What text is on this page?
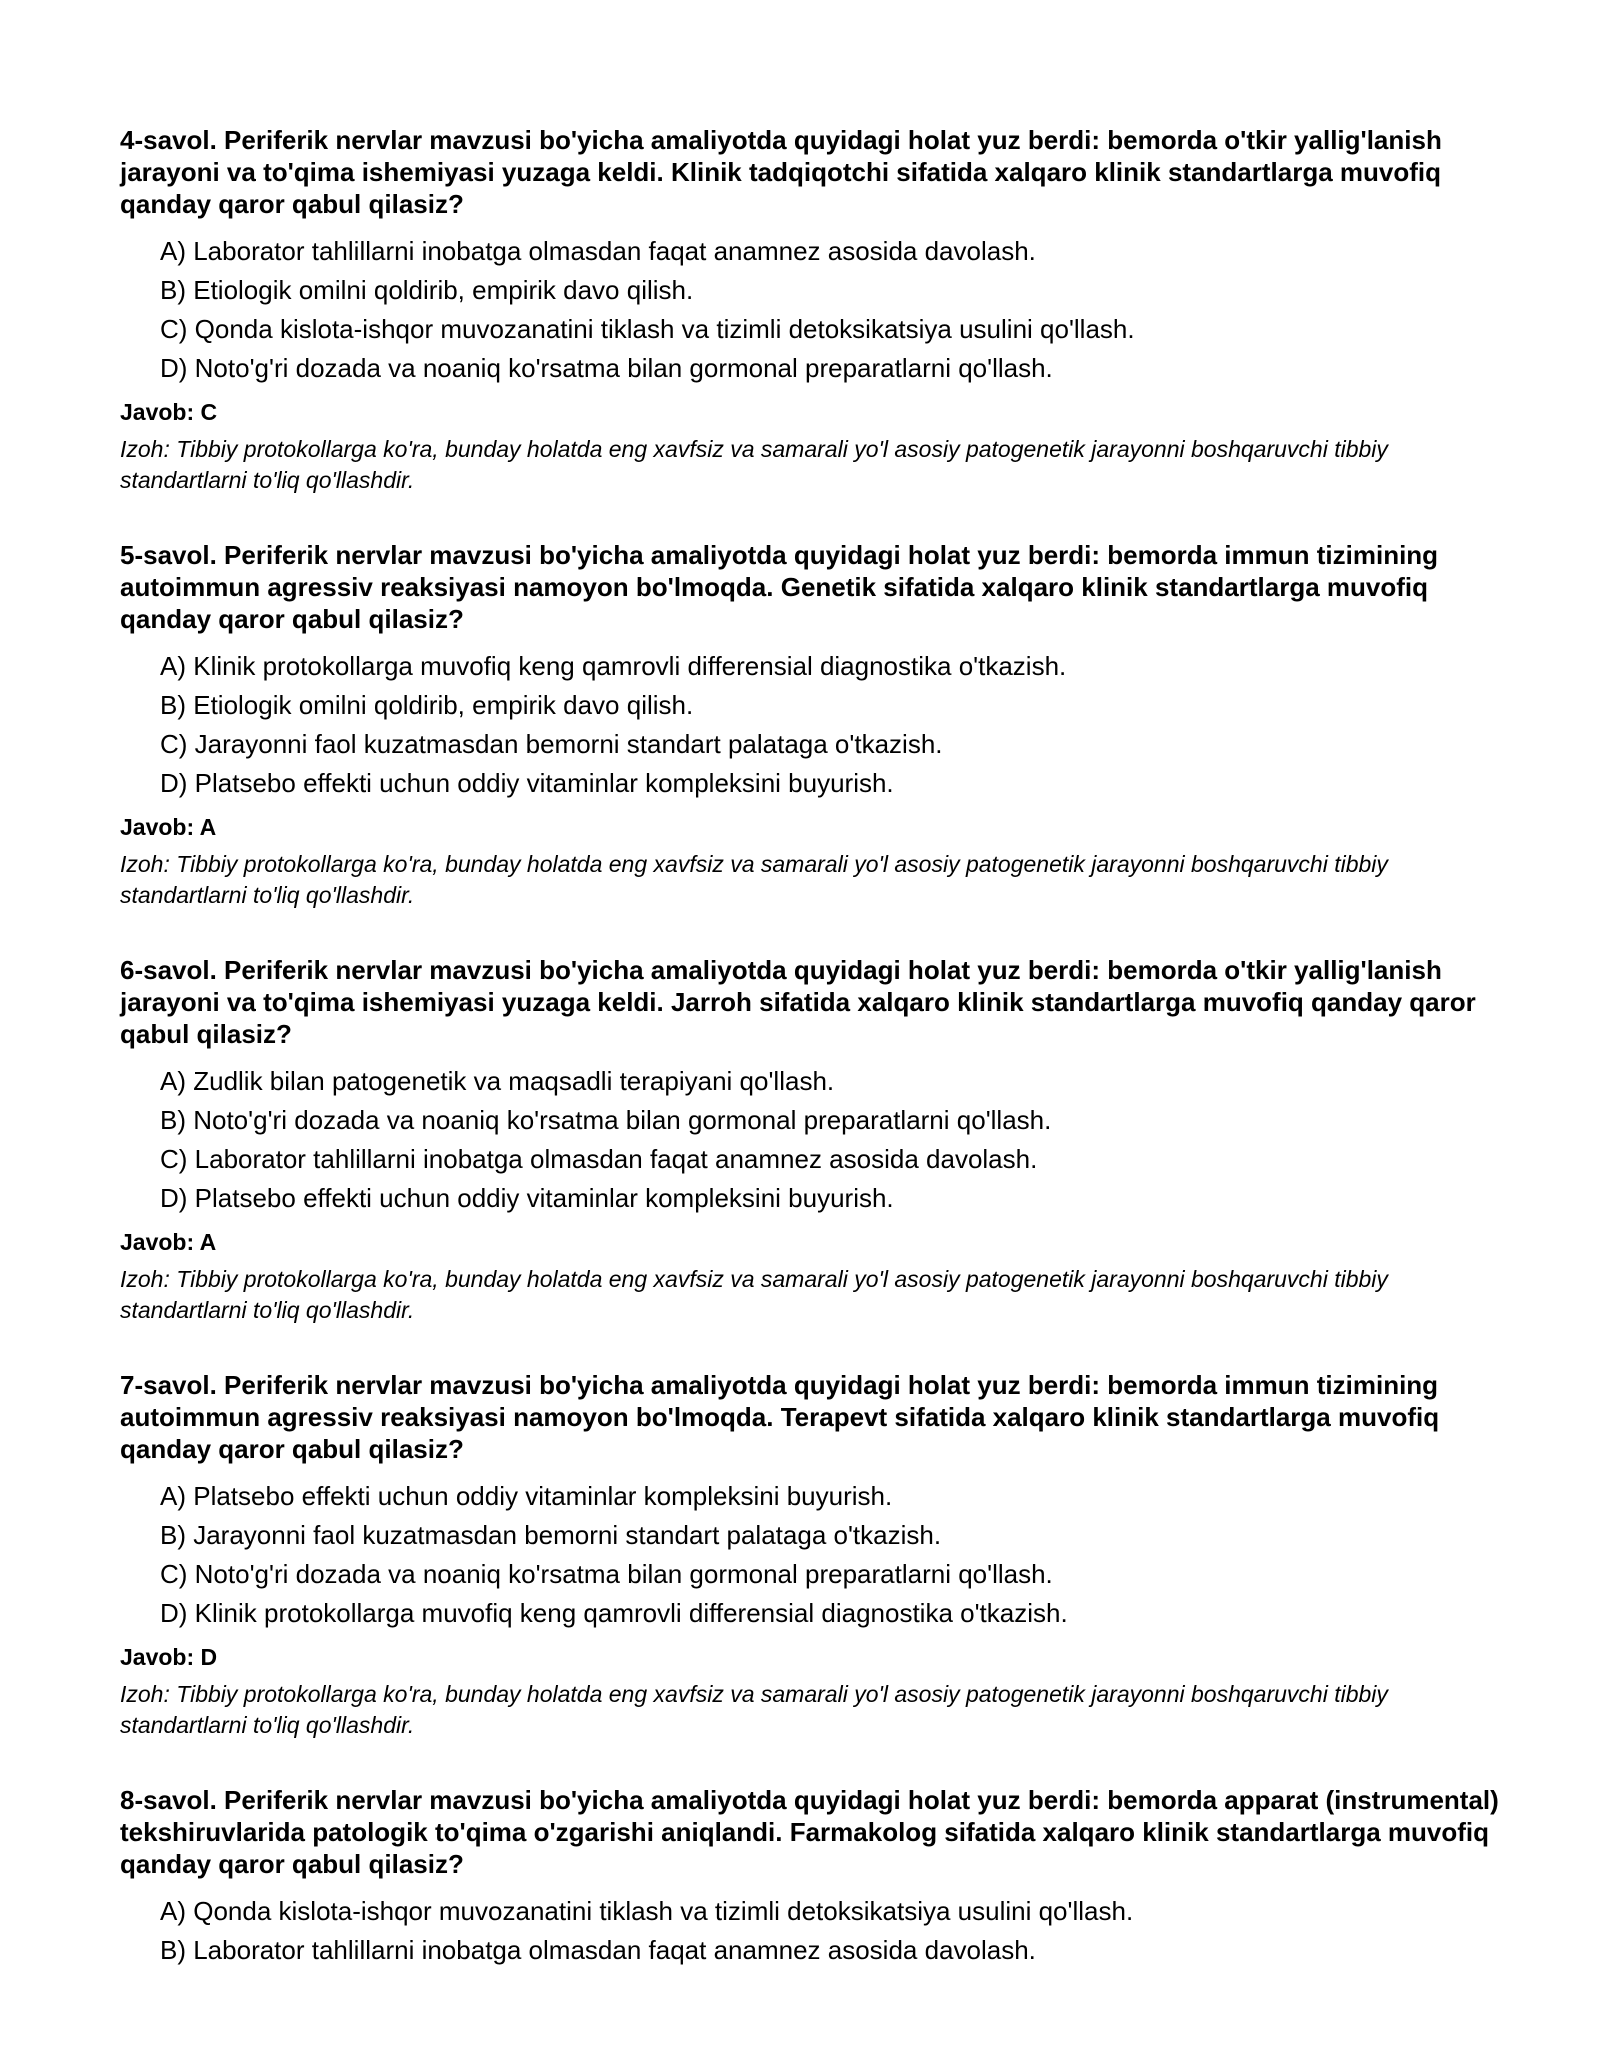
4-savol. Periferik nervlar mavzusi bo'yicha amaliyotda quyidagi holat yuz berdi: bemorda o'tkir yallig'lanish jarayoni va to'qima ishemiyasi yuzaga keldi. Klinik tadqiqotchi sifatida xalqaro klinik standartlarga muvofiq qanday qaror qabul qilasiz?

A) Laborator tahlillarni inobatga olmasdan faqat anamnez asosida davolash.
B) Etiologik omilni qoldirib, empirik davo qilish.
C) Qonda kislota-ishqor muvozanatini tiklash va tizimli detoksikatsiya usulini qo'llash.
D) Noto'g'ri dozada va noaniq ko'rsatma bilan gormonal preparatlarni qo'llash.

Javob: C

Izoh: Tibbiy protokollarga ko'ra, bunday holatda eng xavfsiz va samarali yo'l asosiy patogenetik jarayonni boshqaruvchi tibbiy standartlarni to'liq qo'llashdir.

5-savol. Periferik nervlar mavzusi bo'yicha amaliyotda quyidagi holat yuz berdi: bemorda immun tizimining autoimmun agressiv reaksiyasi namoyon bo'lmoqda. Genetik sifatida xalqaro klinik standartlarga muvofiq qanday qaror qabul qilasiz?

A) Klinik protokollarga muvofiq keng qamrovli differensial diagnostika o'tkazish.
B) Etiologik omilni qoldirib, empirik davo qilish.
C) Jarayonni faol kuzatmasdan bemorni standart palataga o'tkazish.
D) Platsebo effekti uchun oddiy vitaminlar kompleksini buyurish.

Javob: A

Izoh: Tibbiy protokollarga ko'ra, bunday holatda eng xavfsiz va samarali yo'l asosiy patogenetik jarayonni boshqaruvchi tibbiy standartlarni to'liq qo'llashdir.

6-savol. Periferik nervlar mavzusi bo'yicha amaliyotda quyidagi holat yuz berdi: bemorda o'tkir yallig'lanish jarayoni va to'qima ishemiyasi yuzaga keldi. Jarroh sifatida xalqaro klinik standartlarga muvofiq qanday qaror qabul qilasiz?

A) Zudlik bilan patogenetik va maqsadli terapiyani qo'llash.
B) Noto'g'ri dozada va noaniq ko'rsatma bilan gormonal preparatlarni qo'llash.
C) Laborator tahlillarni inobatga olmasdan faqat anamnez asosida davolash.
D) Platsebo effekti uchun oddiy vitaminlar kompleksini buyurish.

Javob: A

Izoh: Tibbiy protokollarga ko'ra, bunday holatda eng xavfsiz va samarali yo'l asosiy patogenetik jarayonni boshqaruvchi tibbiy standartlarni to'liq qo'llashdir.

7-savol. Periferik nervlar mavzusi bo'yicha amaliyotda quyidagi holat yuz berdi: bemorda immun tizimining autoimmun agressiv reaksiyasi namoyon bo'lmoqda. Terapevt sifatida xalqaro klinik standartlarga muvofiq qanday qaror qabul qilasiz?

A) Platsebo effekti uchun oddiy vitaminlar kompleksini buyurish.
B) Jarayonni faol kuzatmasdan bemorni standart palataga o'tkazish.
C) Noto'g'ri dozada va noaniq ko'rsatma bilan gormonal preparatlarni qo'llash.
D) Klinik protokollarga muvofiq keng qamrovli differensial diagnostika o'tkazish.

Javob: D

Izoh: Tibbiy protokollarga ko'ra, bunday holatda eng xavfsiz va samarali yo'l asosiy patogenetik jarayonni boshqaruvchi tibbiy standartlarni to'liq qo'llashdir.

8-savol. Periferik nervlar mavzusi bo'yicha amaliyotda quyidagi holat yuz berdi: bemorda apparat (instrumental) tekshiruvlarida patologik to'qima o'zgarishi aniqlandi. Farmakolog sifatida xalqaro klinik standartlarga muvofiq qanday qaror qabul qilasiz?

A) Qonda kislota-ishqor muvozanatini tiklash va tizimli detoksikatsiya usulini qo'llash.
B) Laborator tahlillarni inobatga olmasdan faqat anamnez asosida davolash.
